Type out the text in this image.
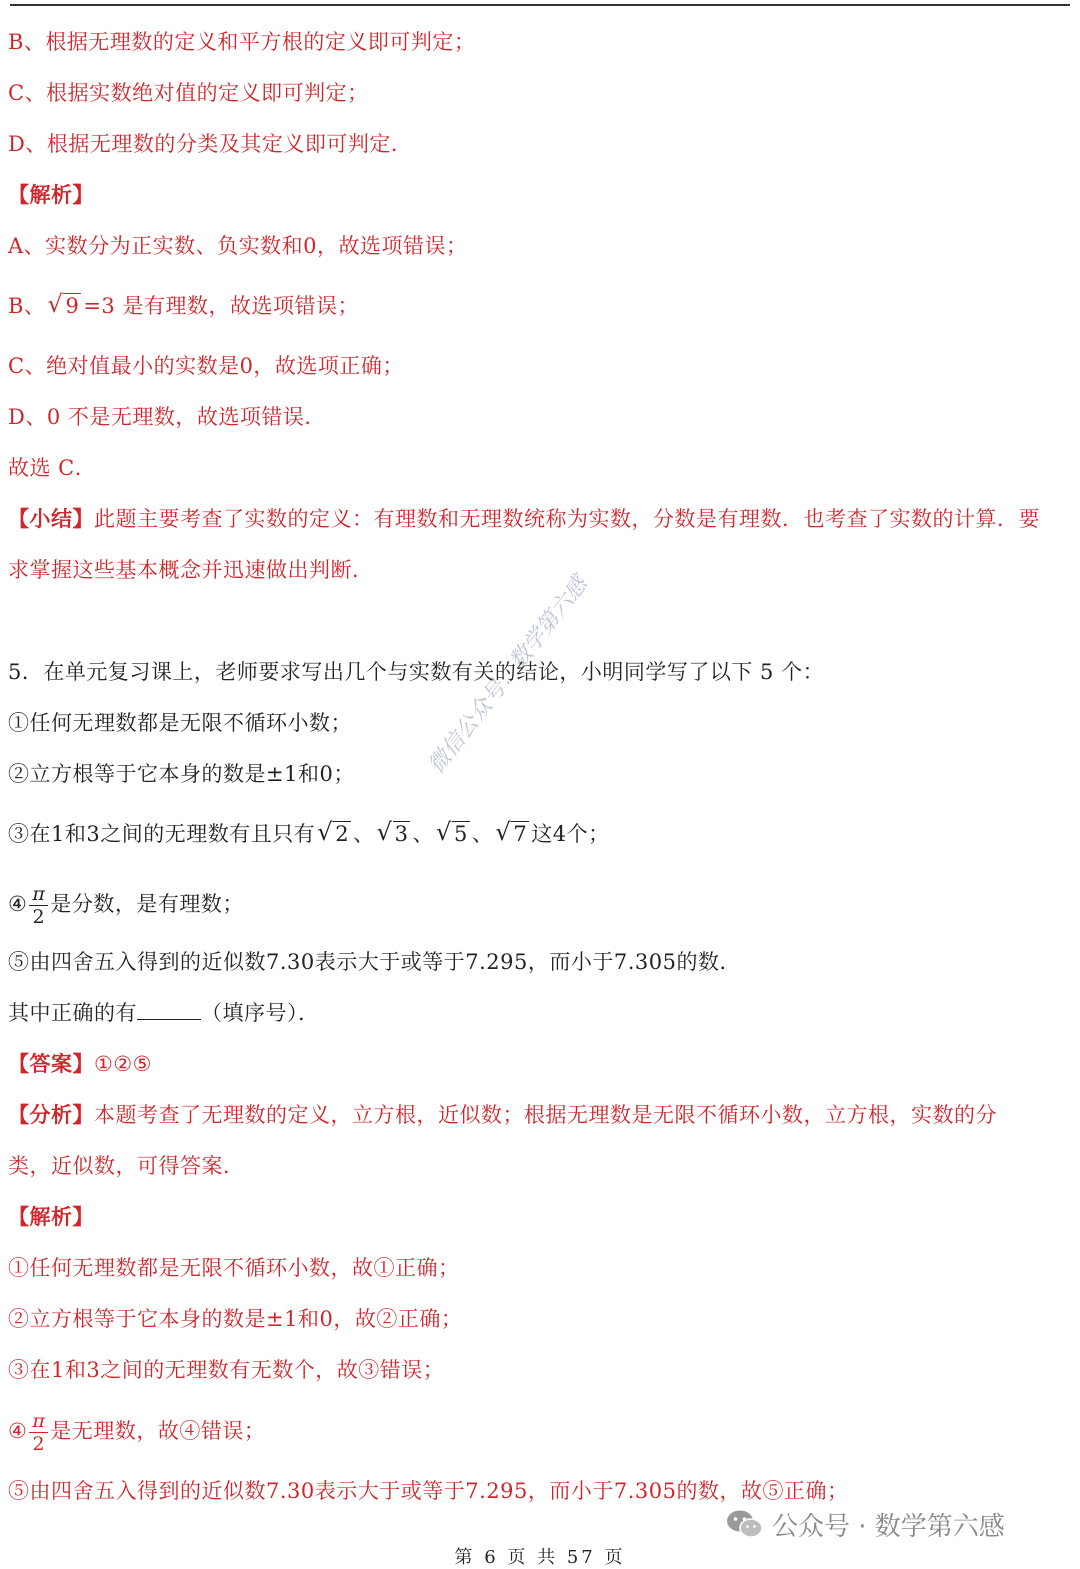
B、根据无理数的定义和平方根的定义即可判定；
C、根据实数绝对值的定义即可判定；
D、根据无理数的分类及其定义即可判定．
【解析】
A、实数分为正实数、负实数和0，故选项错误；
B、 √ 9 =3 是有理数，故选项错误；
C、绝对值最小的实数是0，故选项正确；
D、0 不是无理数，故选项错误．
故选 C．
【小结】此题主要考查了实数的定义：有理数和无理数统称为实数，分数是有理数．也考查了实数的计算．要
求掌握这些基本概念并迅速做出判断．
5．在单元复习课上，老师要求写出几个与实数有关的结论，小明同学写了以下 5 个：
①任何无理数都是无限不循环小数；
②立方根等于它本身的数是±1和0；
③在1和3之间的无理数有且只有 √ 2 、 √ 3 、 √ 5 、 √ 7 这4个；
④ $\frac{\pi}{2}$ 是分数，是有理数；
⑤由四舍五入得到的近似数7.30表示大于或等于7.295，而小于7.305的数．
其中正确的有	（填序号）．
【答案】①②⑤
【分析】本题考查了无理数的定义，立方根，近似数；根据无理数是无限不循环小数，立方根，实数的分
类，近似数，可得答案．
【解析】
①任何无理数都是无限不循环小数，故①正确；
②立方根等于它本身的数是±1和0，故②正确；
③在1和3之间的无理数有无数个，故③错误；
④ $\frac{\pi}{2}$ 是无理数，故④错误；
⑤由四舍五入得到的近似数7.30表示大于或等于7.295，而小于7.305的数，故⑤正确；
微信公众号：数学第六感
公众号 · 数学第六感
第 6 页 共 57 页
